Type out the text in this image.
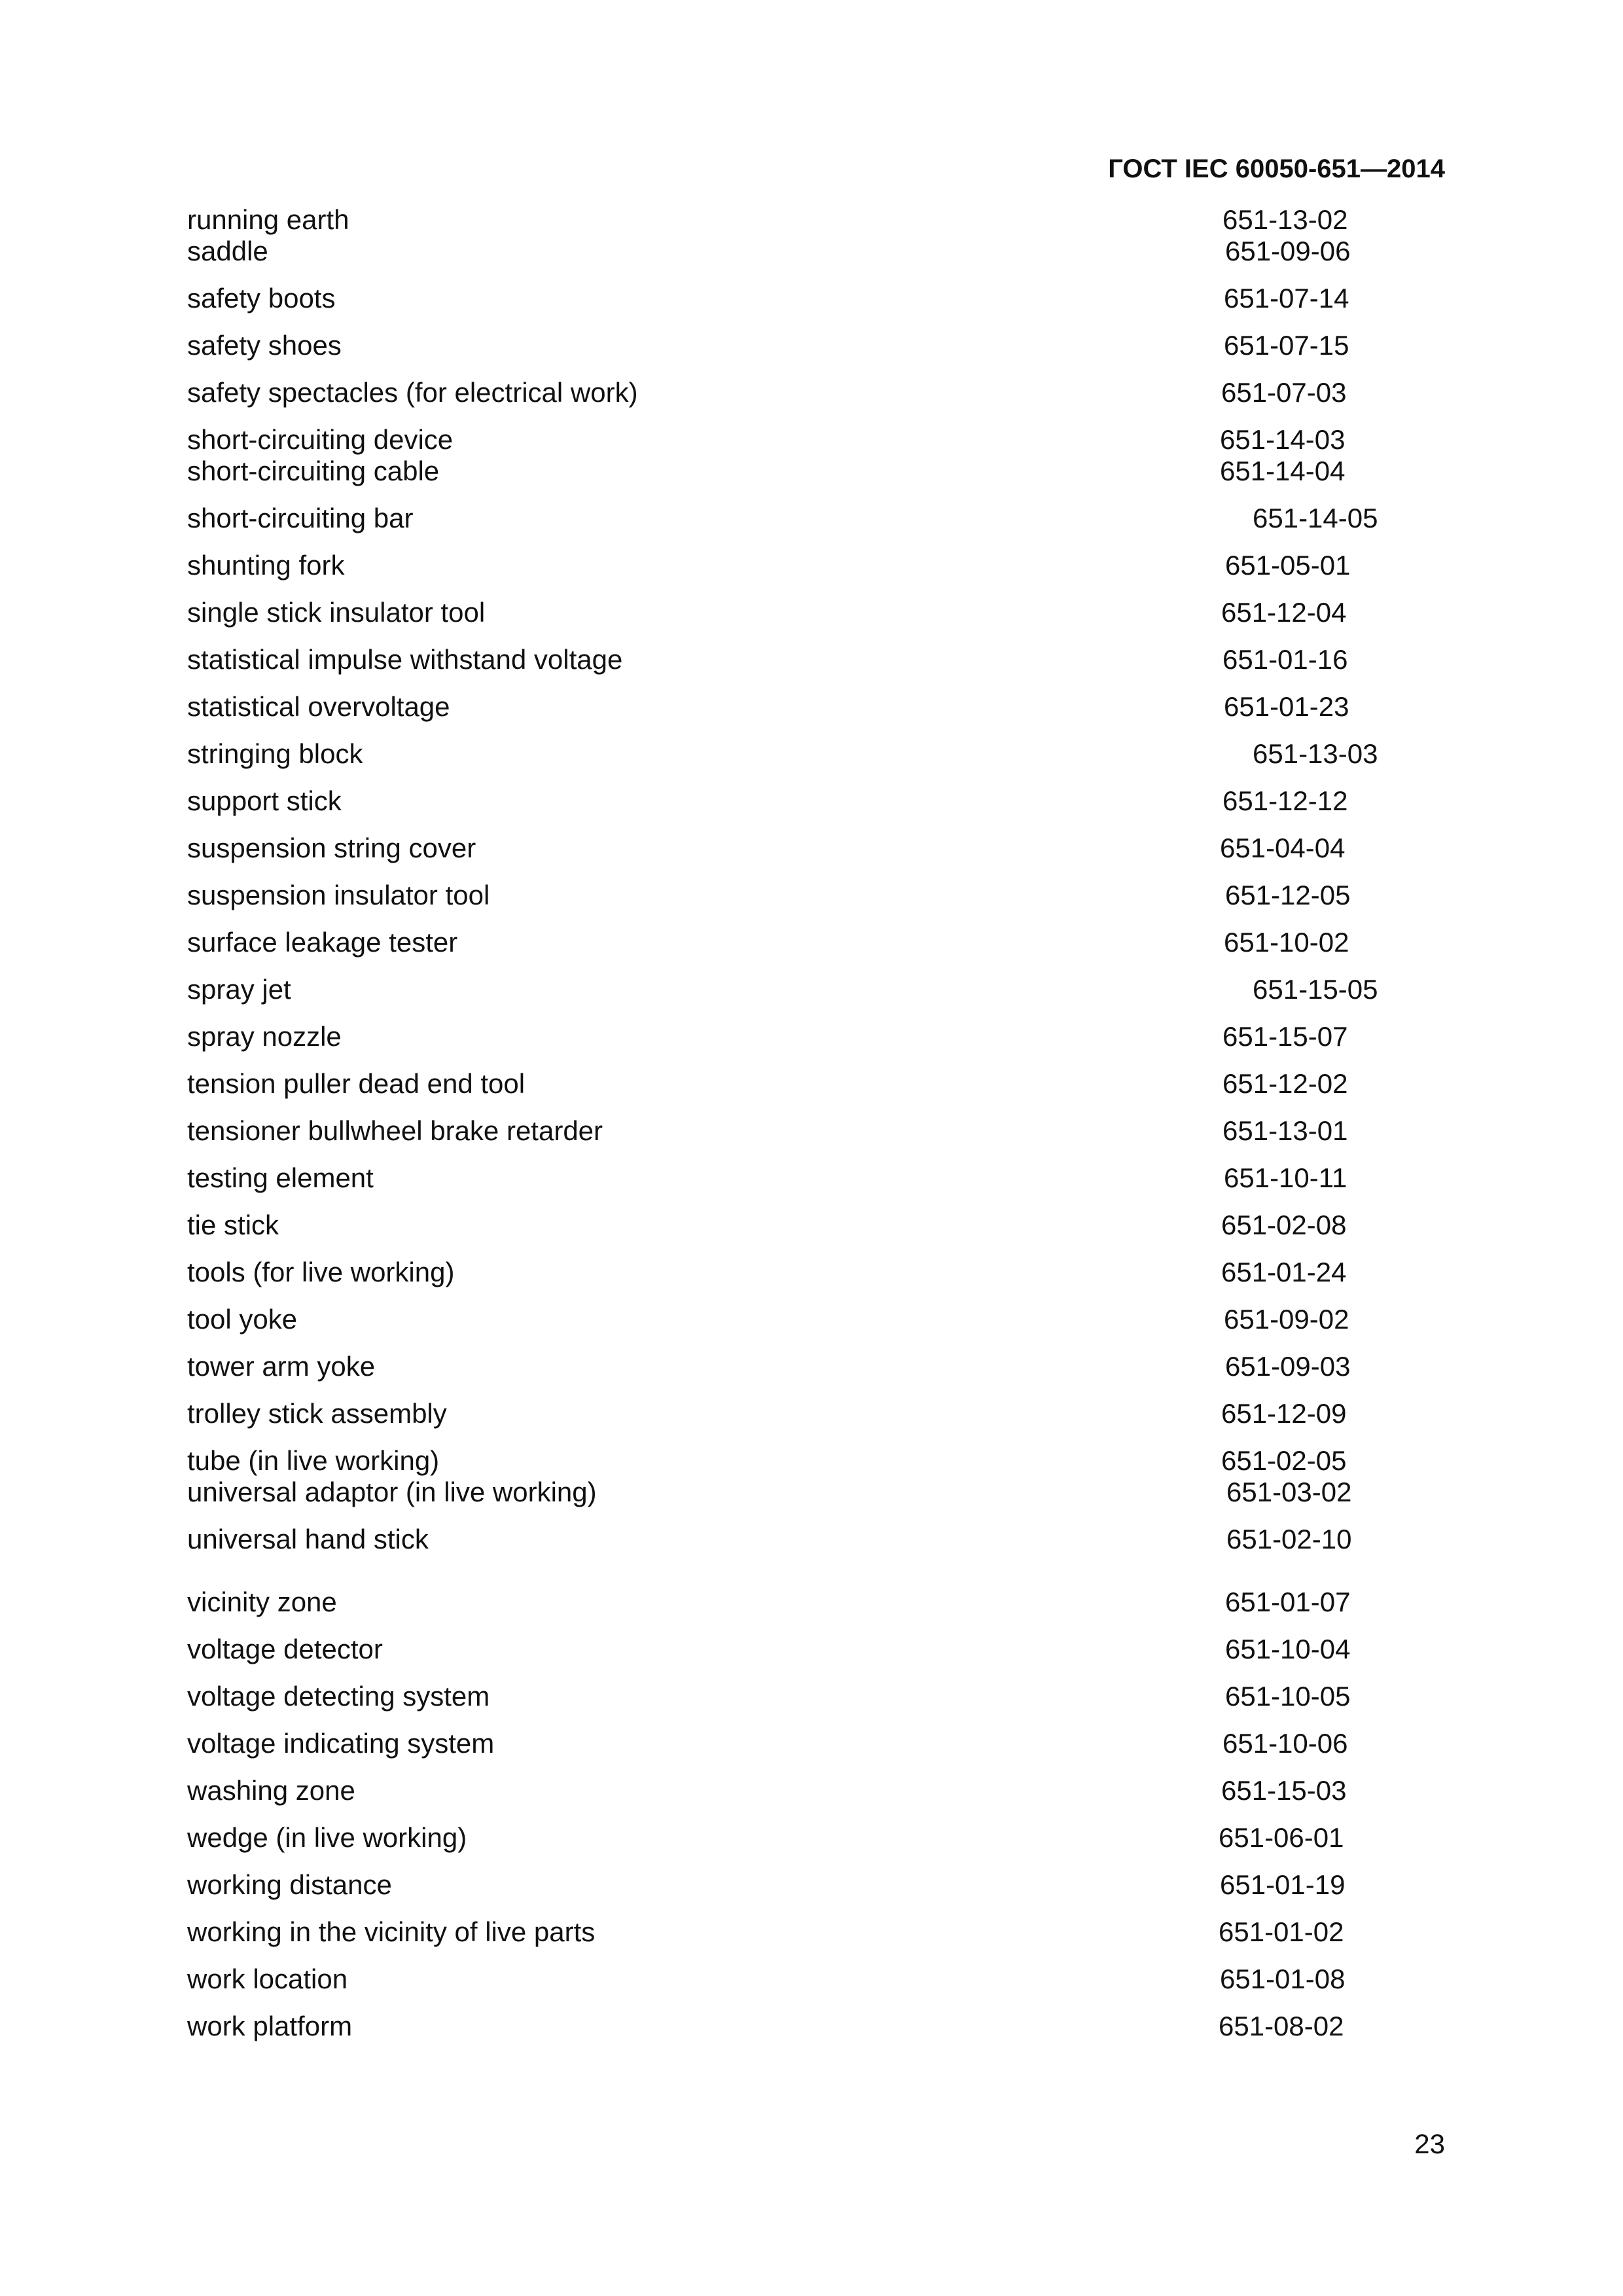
ГОСТ IEC 60050-651—2014
running earth	651-13-02
saddle	651-09-06
safety boots	651-07-14
safety shoes	651-07-15
safety spectacles (for electrical work)	651-07-03
short-circuiting device	651-14-03
short-circuiting cable	651-14-04
short-circuiting bar	651-14-05
shunting fork	651-05-01
single stick insulator tool	651-12-04
statistical impulse withstand voltage	651-01-16
statistical overvoltage	651-01-23
stringing block	651-13-03
support stick	651-12-12
suspension string cover	651-04-04
suspension insulator tool	651-12-05
surface leakage tester	651-10-02
spray jet	651-15-05
spray nozzle	651-15-07
tension puller dead end tool	651-12-02
tensioner bullwheel brake retarder	651-13-01
testing element	651-10-11
tie stick	651-02-08
tools (for live working)	651-01-24
tool yoke	651-09-02
tower arm yoke	651-09-03
trolley stick assembly	651-12-09
tube (in live working)	651-02-05
universal adaptor (in live working)	651-03-02
universal hand stick	651-02-10
vicinity zone	651-01-07
voltage detector	651-10-04
voltage detecting system	651-10-05
voltage indicating system	651-10-06
washing zone	651-15-03
wedge (in live working)	651-06-01
working distance	651-01-19
working in the vicinity of live parts	651-01-02
work location	651-01-08
work platform	651-08-02
23
